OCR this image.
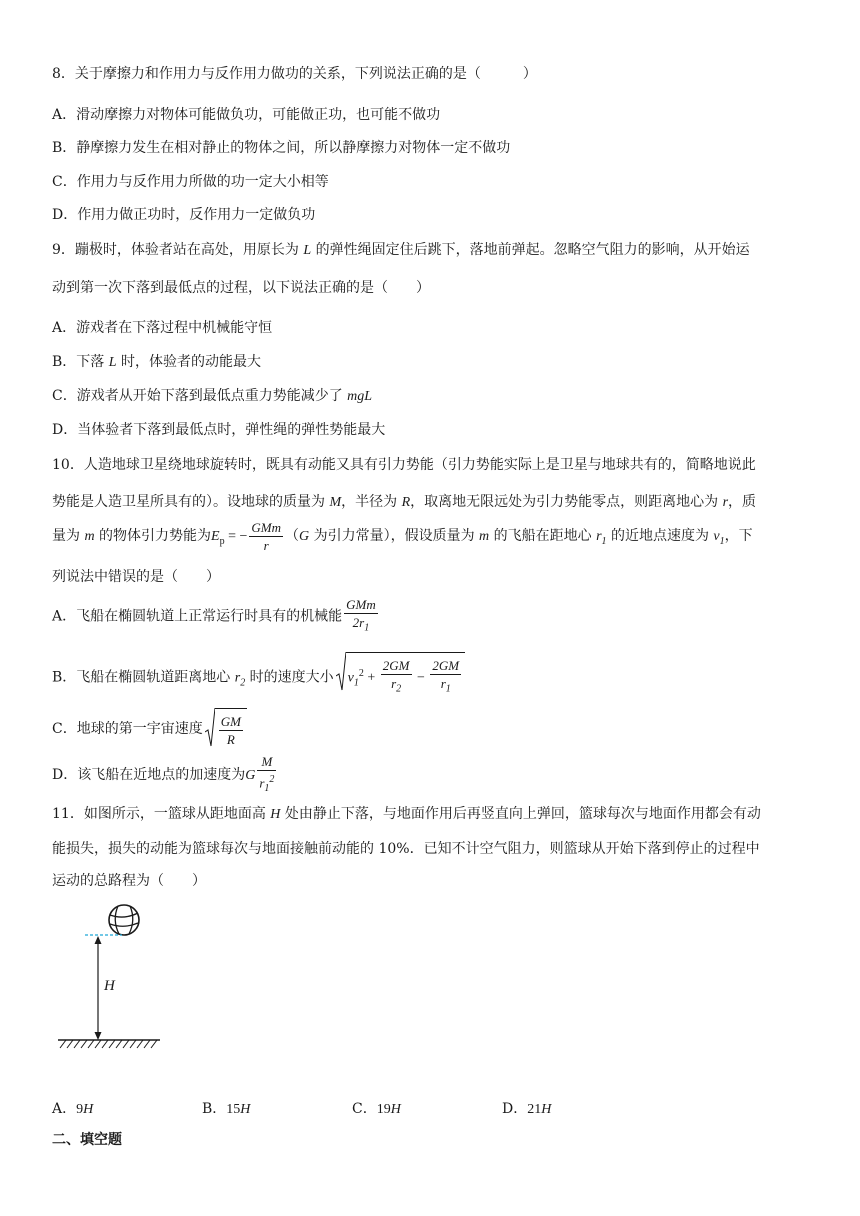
8．关于摩擦力和作用力与反作用力做功的关系，下列说法正确的是（　　　）
A．滑动摩擦力对物体可能做负功，可能做正功，也可能不做功
B．静摩擦力发生在相对静止的物体之间，所以静摩擦力对物体一定不做功
C．作用力与反作用力所做的功一定大小相等
D．作用力做正功时，反作用力一定做负功
9．蹦极时，体验者站在高处，用原长为 L 的弹性绳固定住后跳下，落地前弹起。忽略空气阻力的影响，从开始运
动到第一次下落到最低点的过程，以下说法正确的是（　　）
A．游戏者在下落过程中机械能守恒
B．下落 L 时，体验者的动能最大
C．游戏者从开始下落到最低点重力势能减少了 mgL
D．当体验者下落到最低点时，弹性绳的弹性势能最大
10．人造地球卫星绕地球旋转时，既具有动能又具有引力势能（引力势能实际上是卫星与地球共有的，简略地说此
势能是人造卫星所具有的）。设地球的质量为 M，半径为 R，取离地无限远处为引力势能零点，则距离地心为 r，质
量为 m 的物体引力势能为$E_p$ = − $\frac{\text{GMm}}{r} (G$ 为引力常量），假设质量为 m 的飞船在距地心 $r_1$ 的近地点速度为 $v_1$，下
列说法中错误的是（　　）
A．飞船在椭圆轨道上正常运行时具有的机械能 $\frac{\text{GMm}}{2r_1}$
B．飞船在椭圆轨道距离地心 $r_2$ 时的速度大小 $v_1^2 + \frac{2GM}{r_2} - \frac{2GM}{r_1}$
C．地球的第一宇宙速度 $\frac{GM}{R}$
D．该飞船在近地点的加速度为G $\frac{M}{r_1^2}$
11．如图所示，一篮球从距地面高 H 处由静止下落，与地面作用后再竖直向上弹回，篮球每次与地面作用都会有动
能损失，损失的动能为篮球每次与地面接触前动能的 10%．已知不计空气阻力，则篮球从开始下落到停止的过程中
运动的总路程为（　　）
H
A．9H	B．15H	C．19H	D．21H
二、填空题
